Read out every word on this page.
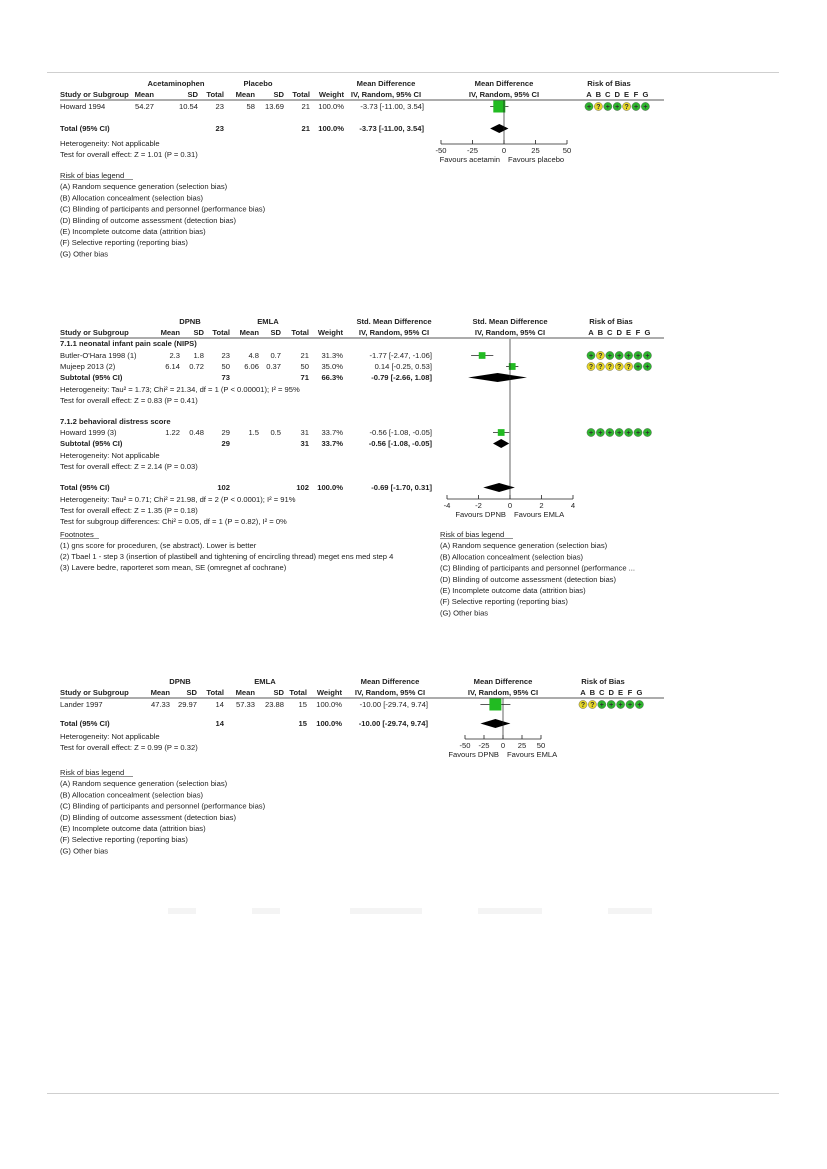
Acetaminophen	Placebo	Mean Difference	Mean Difference	Risk of Bias
Study or Subgroup Mean	SD Total Mean SD Total Weight IV, Random, 95% CI	IV, Random, 95% CI	A B C D E F G
Howard 1994	54.27	10.54 23	58 13.69 21 100.0% -3.73 [-11.00, 3.54]	+ ? + + ? + +
Total (95% CI)	23	21 100.0% -3.73 [-11.00, 3.54]
-50	-25	0	25	50
Favours acetamin Favours placebo
Heterogeneity: Not applicable
Test for overall effect: Z = 1.01 (P = 0.31)
Risk of bias legend
(A) Random sequence generation (selection bias)
(B) Allocation concealment (selection bias)
(C) Blinding of participants and personnel (performance bias)
(D) Blinding of outcome assessment (detection bias)
(E) Incomplete outcome data (attrition bias)
(F) Selective reporting (reporting bias)
(G) Other bias
DPNB	EMLA	Std. Mean Difference	Std. Mean Difference	Risk of Bias
Study or Subgroup	Mean SD Total Mean SD Total Weight IV, Random, 95% CI	IV, Random, 95% CI	A B C D E F G
7.1.1 neonatal infant pain scale (NIPS)
Butler-O'Hara 1998 (1)	2.3 1.8 23 4.8 0.7	21 31.3%	-1.77 [-2.47, -1.06]	+ ? + + + + +
Mujeep 2013 (2)	6.14 0.72 50 6.06 0.37	50 35.0%	0.14 [-0.25, 0.53]	? ? ? ? ? + +
Subtotal (95% CI)	73	71 66.3%	-0.79 [-2.66, 1.08]
Heterogeneity: Tau² = 1.73; Chi² = 21.34, df = 1 (P < 0.00001); I² = 95%
Test for overall effect: Z = 0.83 (P = 0.41)
7.1.2 behavioral distress score
Howard 1999 (3)	1.22 0.48 29 1.5 0.5	31 33.7%	-0.56 [-1.08, -0.05]	+ + + + + + +
Subtotal (95% CI)	29	31 33.7%	-0.56 [-1.08, -0.05]
Heterogeneity: Not applicable
Test for overall effect: Z = 2.14 (P = 0.03)
Total (95% CI)	102	102 100.0%	-0.69 [-1.70, 0.31]
-4	-2	0	2	4
Favours DPNB Favours EMLA
Heterogeneity: Tau² = 0.71; Chi² = 21.98, df = 2 (P < 0.0001); I² = 91%
Test for overall effect: Z = 1.35 (P = 0.18)
Test for subgroup differences: Chi² = 0.05, df = 1 (P = 0.82), I² = 0%
Footnotes
(1) gns score for proceduren, (se abstract). Lower is better
(2) Tbael 1 - step 3 (insertion of plastibell and tightening of encircling thread) meget ens med step 4
(3) Lavere bedre, raporteret som mean, SE (omregnet af cochrane)
Risk of bias legend
(A) Random sequence generation (selection bias)
(B) Allocation concealment (selection bias)
(C) Blinding of participants and personnel (performance ...
(D) Blinding of outcome assessment (detection bias)
(E) Incomplete outcome data (attrition bias)
(F) Selective reporting (reporting bias)
(G) Other bias
DPNB	EMLA	Mean Difference	Mean Difference	Risk of Bias
Study or Subgroup	Mean SD Total Mean SD Total Weight IV, Random, 95% CI	IV, Random, 95% CI	A B C D E F G
Lander 1997	47.33 29.97 14 57.33 23.88 15 100.0% -10.00 [-29.74, 9.74]	? ? + + + + +
Total (95% CI)	14	15 100.0% -10.00 [-29.74, 9.74]
-50 -25 0 25 50
Favours DPNB Favours EMLA
Heterogeneity: Not applicable
Test for overall effect: Z = 0.99 (P = 0.32)
Risk of bias legend
(A) Random sequence generation (selection bias)
(B) Allocation concealment (selection bias)
(C) Blinding of participants and personnel (performance bias)
(D) Blinding of outcome assessment (detection bias)
(E) Incomplete outcome data (attrition bias)
(F) Selective reporting (reporting bias)
(G) Other bias
